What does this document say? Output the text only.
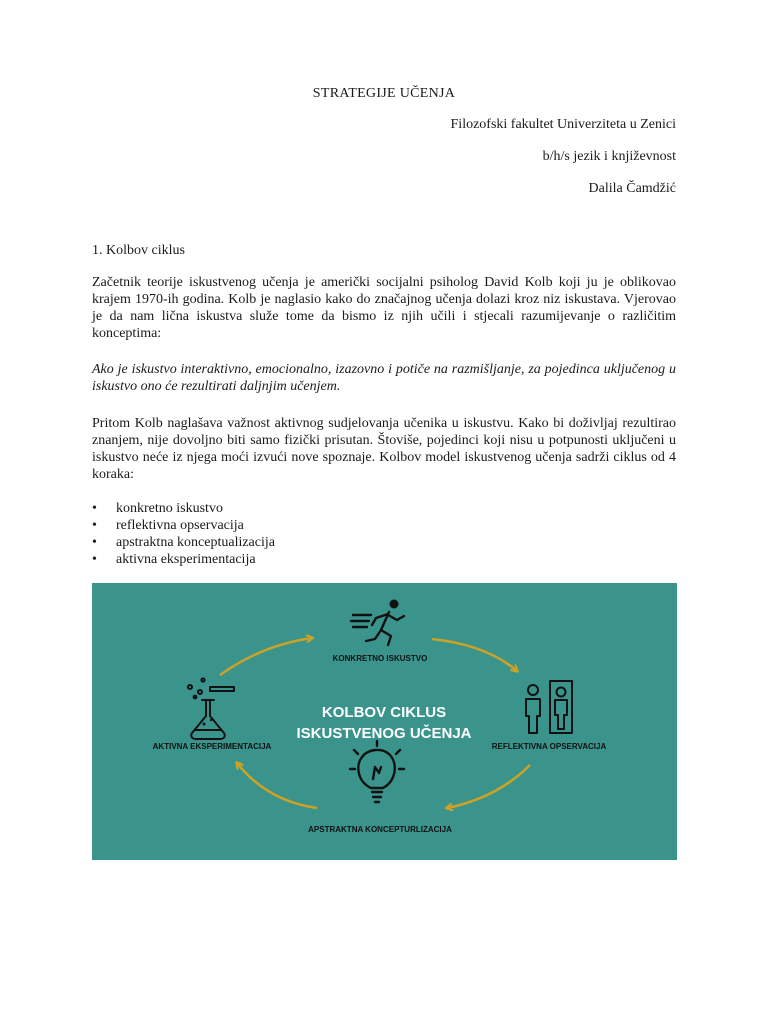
STRATEGIJE UČENJA
Filozofski fakultet Univerziteta u Zenici
b/h/s jezik i književnost
Dalila Čamdžić
1. Kolbov ciklus

Začetnik teorije iskustvenog učenja je američki socijalni psiholog David Kolb koji ju je oblikovao krajem 1970-ih godina. Kolb je naglasio kako do značajnog učenja dolazi kroz niz iskustava. Vjerovao je da nam lična iskustva služe tome da bismo iz njih učili i stjecali razumijevanje o različitim konceptima:

Ako je iskustvo interaktivno, emocionalno, izazovno i potiče na razmišljanje, za pojedinca uključenog u iskustvo ono će rezultirati daljnjim učenjem.

Pritom Kolb naglašava važnost aktivnog sudjelovanja učenika u iskustvu. Kako bi doživljaj rezultirao znanjem, nije dovoljno biti samo fizički prisutan. Štoviše, pojedinci koji nisu u potpunosti uključeni u iskustvo neće iz njega moći izvući nove spoznaje. Kolbov model iskustvenog učenja sadrži ciklus od 4 koraka:

• konkretno iskustvo
• reflektivna opservacija
• apstraktna konceptualizacija
• aktivna eksperimentacija
KONKRETNO ISKUSTVO
REFLEKTIVNA OPSERVACIJA
APSTRAKTNA KONCEPTURLIZACIJA
AKTIVNA EKSPERIMENTACIJA
KOLBOV CIKLUS
ISKUSTVENOG UČENJA
